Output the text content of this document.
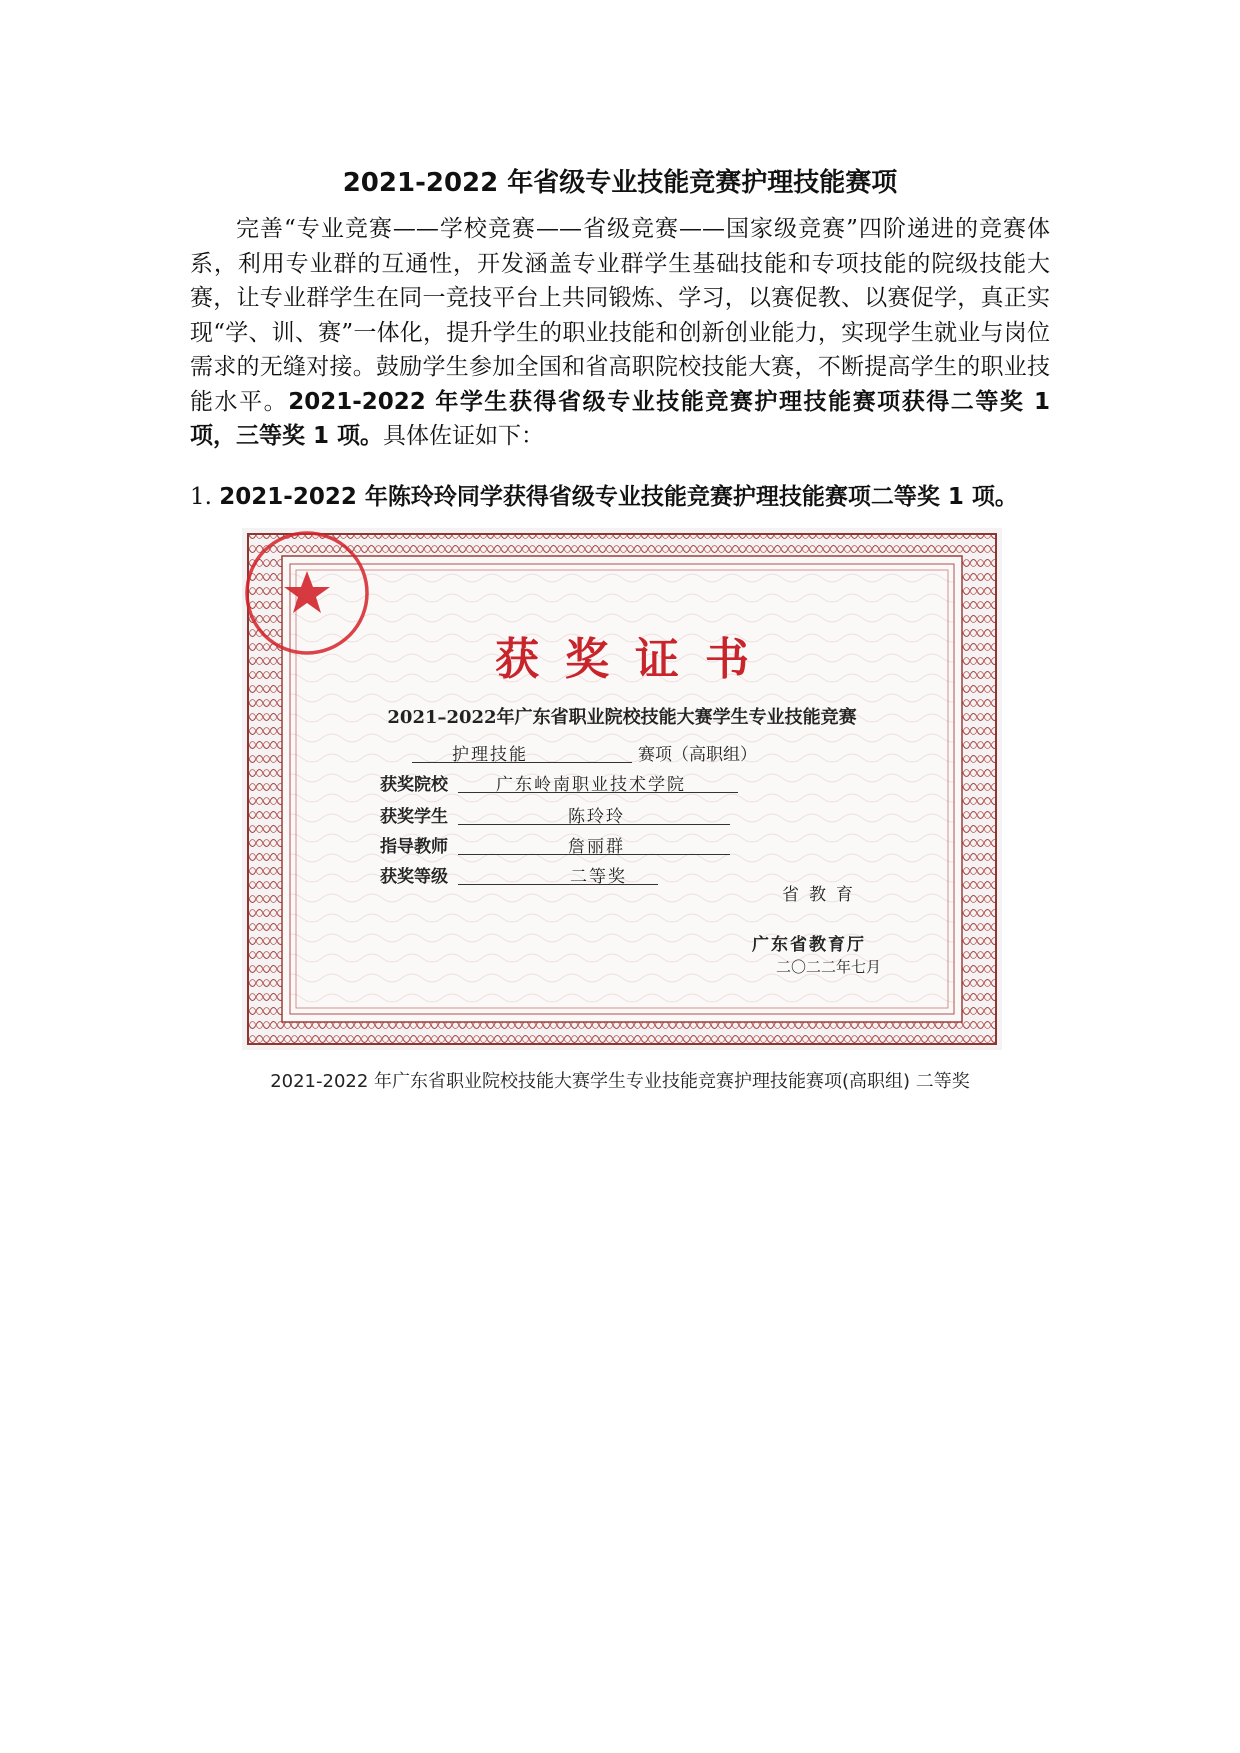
2021-2022 年省级专业技能竞赛护理技能赛项

完善“专业竞赛——学校竞赛——省级竞赛——国家级竞赛”四阶递进的竞赛体系，利用专业群的互通性，开发涵盖专业群学生基础技能和专项技能的院级技能大赛，让专业群学生在同一竞技平台上共同锻炼、学习，以赛促教、以赛促学，真正实现“学、训、赛”一体化，提升学生的职业技能和创新创业能力，实现学生就业与岗位需求的无缝对接。鼓励学生参加全国和省高职院校技能大赛，不断提高学生的职业技能水平。2021-2022 年学生获得省级专业技能竞赛护理技能赛项获得二等奖 1 项，三等奖 1 项。具体佐证如下：

1. 2021-2022 年陈玲玲同学获得省级专业技能竞赛护理技能赛项二等奖 1 项。

获奖证书

2021–2022年广东省职业院校技能大赛学生专业技能竞赛

护理技能	赛项（高职组）
获奖院校	广东岭南职业技术学院
获奖学生	陈玲玲
指导教师	詹丽群
获奖等级	二等奖
省教育
广东省教育厅
二〇二二年七月

2021-2022 年广东省职业院校技能大赛学生专业技能竞赛护理技能赛项(高职组) 二等奖
